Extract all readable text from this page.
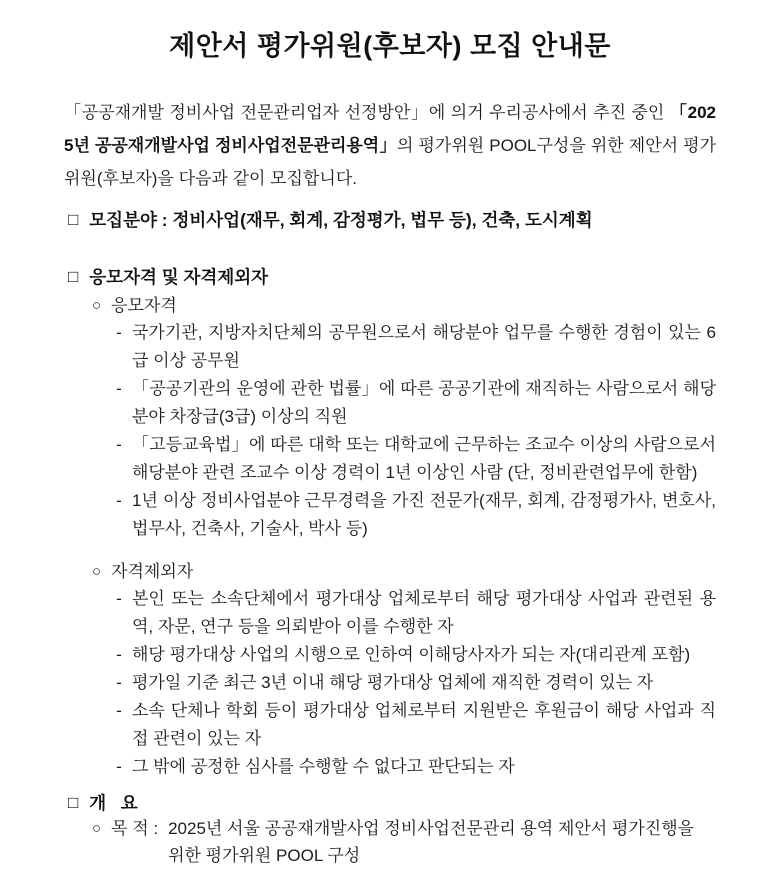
제안서 평가위원(후보자) 모집 안내문

「공공재개발 정비사업 전문관리업자 선정방안」에 의거 우리공사에서 추진 중인 「2025년 공공재개발사업 정비사업전문관리용역」의 평가위원 POOL구성을 위한 제안서 평가위원(후보자)을 다음과 같이 모집합니다.

□ 모집분야 : 정비사업(재무, 회계, 감정평가, 법무 등), 건축, 도시계획
□ 응모자격 및 자격제외자
○ 응모자격
- 국가기관, 지방자치단체의 공무원으로서 해당분야 업무를 수행한 경험이 있는 6급 이상 공무원
- 「공공기관의 운영에 관한 법률」에 따른 공공기관에 재직하는 사람으로서 해당분야 차장급(3급) 이상의 직원
- 「고등교육법」에 따른 대학 또는 대학교에 근무하는 조교수 이상의 사람으로서 해당분야 관련 조교수 이상 경력이 1년 이상인 사람 (단, 정비관련업무에 한함)
- 1년 이상 정비사업분야 근무경력을 가진 전문가(재무, 회계, 감정평가사, 변호사, 법무사, 건축사, 기술사, 박사 등)
○ 자격제외자
- 본인 또는 소속단체에서 평가대상 업체로부터 해당 평가대상 사업과 관련된 용역, 자문, 연구 등을 의뢰받아 이를 수행한 자
- 해당 평가대상 사업의 시행으로 인하여 이해당사자가 되는 자(대리관계 포함)
- 평가일 기준 최근 3년 이내 해당 평가대상 업체에 재직한 경력이 있는 자
- 소속 단체나 학회 등이 평가대상 업체로부터 지원받은 후원금이 해당 사업과 직접 관련이 있는 자
- 그 밖에 공정한 심사를 수행할 수 없다고 판단되는 자
□ 개   요
○ 목 적 : 2025년 서울 공공재개발사업 정비사업전문관리 용역 제안서 평가진행을 위한 평가위원 POOL 구성
